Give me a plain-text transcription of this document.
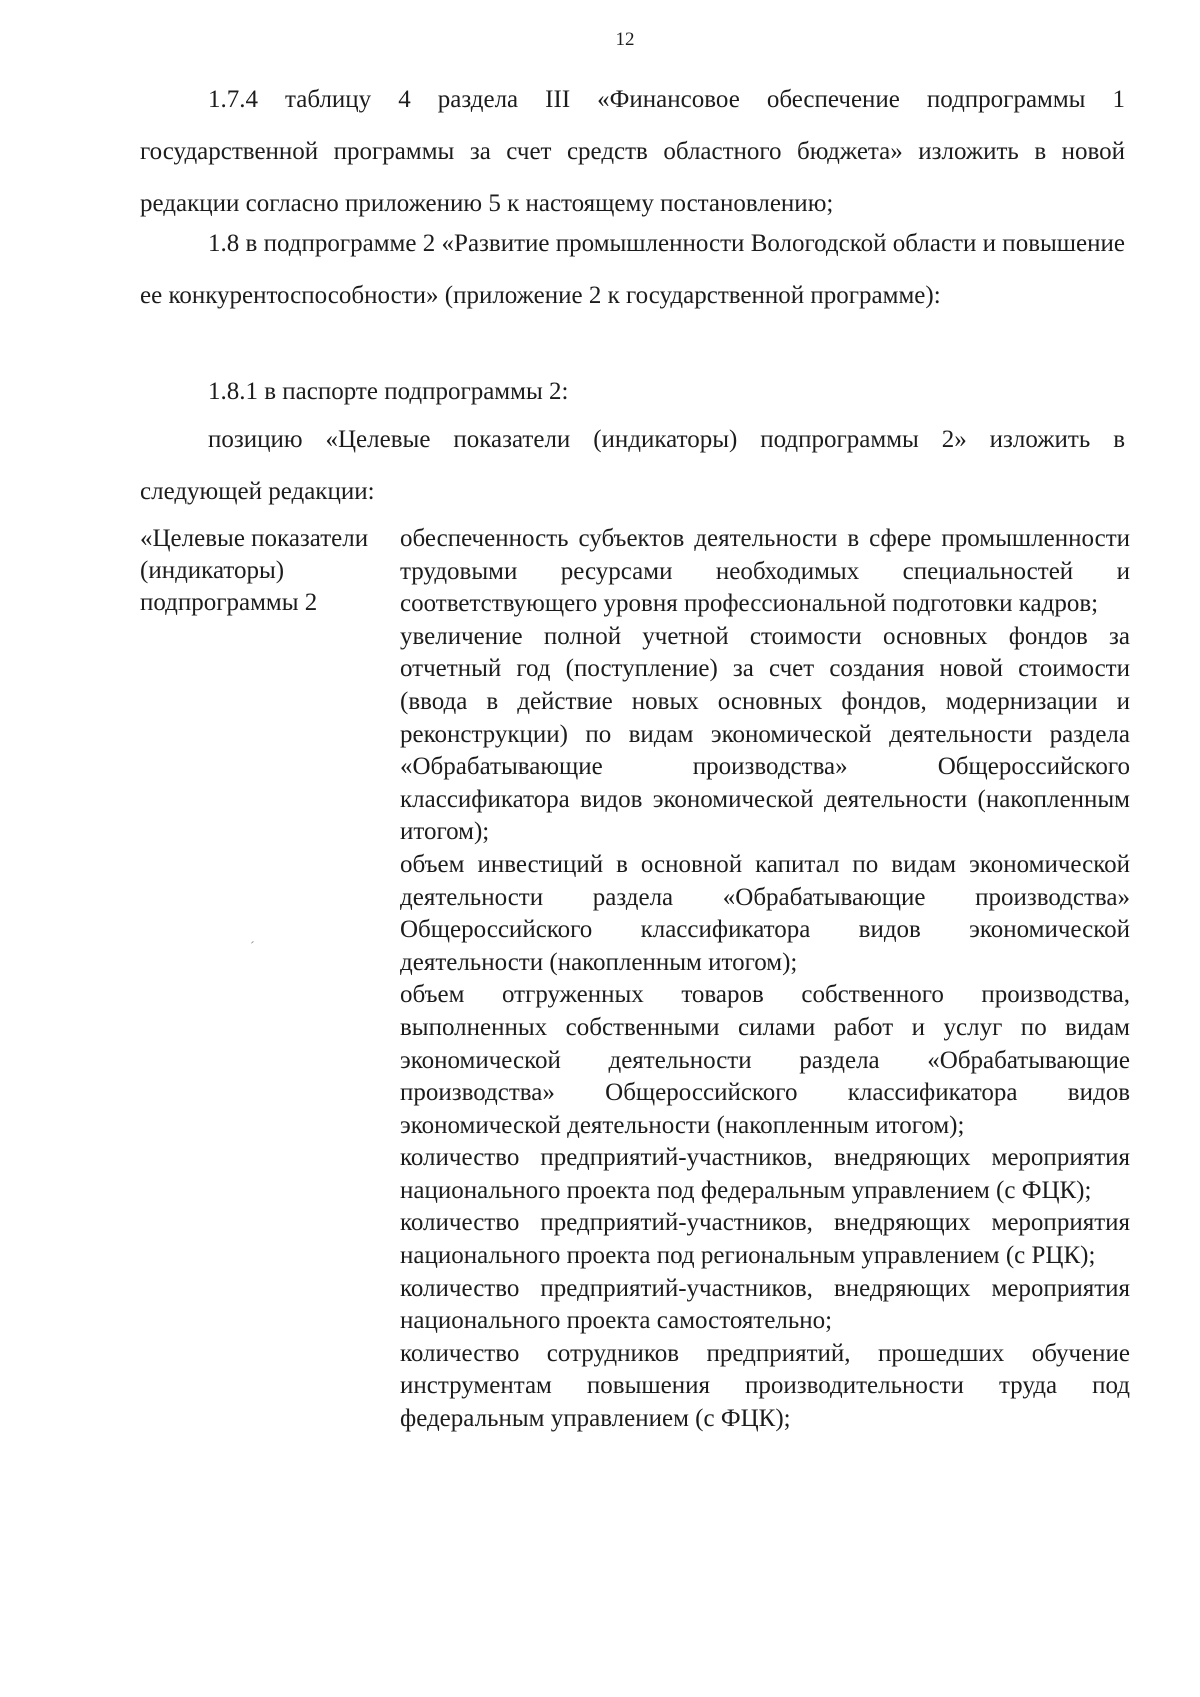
12

1.7.4 таблицу 4 раздела III «Финансовое обеспечение подпрограммы 1 государственной программы за счет средств областного бюджета» изложить в новой редакции согласно приложению 5 к настоящему постановлению;

1.8 в подпрограмме 2 «Развитие промышленности Вологодской области и повышение ее конкурентоспособности» (приложение 2 к государственной программе):

1.8.1 в паспорте подпрограммы 2:

позицию «Целевые показатели (индикаторы) подпрограммы 2» изложить в следующей редакции:

«Целевые показатели (индикаторы) подпрограммы 2
обеспеченность субъектов деятельности в сфере промышленности трудовыми ресурсами необходимых специальностей и соответствующего уровня профессиональной подготовки кадров;
увеличение полной учетной стоимости основных фондов за отчетный год (поступление) за счет создания новой стоимости (ввода в действие новых основных фондов, модернизации и реконструкции) по видам экономической деятельности раздела «Обрабатывающие производства» Общероссийского классификатора видов экономической деятельности (накопленным итогом);
объем инвестиций в основной капитал по видам экономической деятельности раздела «Обрабатывающие производства» Общероссийского классификатора видов экономической деятельности (накопленным итогом);
объем отгруженных товаров собственного производства, выполненных собственными силами работ и услуг по видам экономической деятельности раздела «Обрабатывающие производства» Общероссийского классификатора видов экономической деятельности (накопленным итогом);
количество предприятий-участников, внедряющих мероприятия национального проекта под федеральным управлением (с ФЦК);
количество предприятий-участников, внедряющих мероприятия национального проекта под региональным управлением (с РЦК);
количество предприятий-участников, внедряющих мероприятия национального проекта самостоятельно;
количество сотрудников предприятий, прошедших обучение инструментам повышения производительности труда под федеральным управлением (с ФЦК);
´
